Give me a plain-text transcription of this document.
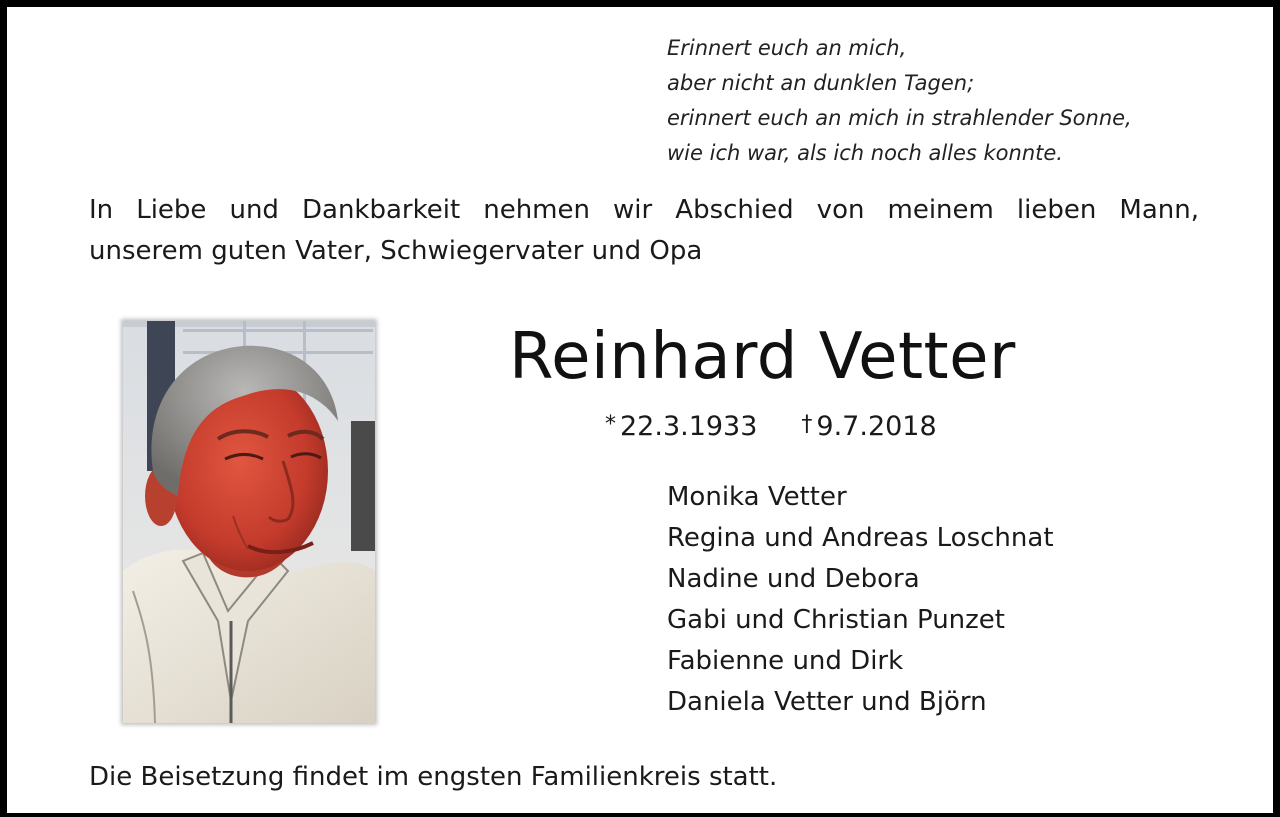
Erinnert euch an mich,
aber nicht an dunklen Tagen;
erinnert euch an mich in strahlender Sonne,
wie ich war, als ich noch alles konnte.
In Liebe und Dankbarkeit nehmen wir Abschied von meinem lieben Mann,
unserem guten Vater, Schwiegervater und Opa
Reinhard Vetter
* 22.3.1933 † 9.7.2018
Monika Vetter
Regina und Andreas Loschnat
Nadine und Debora
Gabi und Christian Punzet
Fabienne und Dirk
Daniela Vetter und Björn
Die Beisetzung findet im engsten Familienkreis statt.
